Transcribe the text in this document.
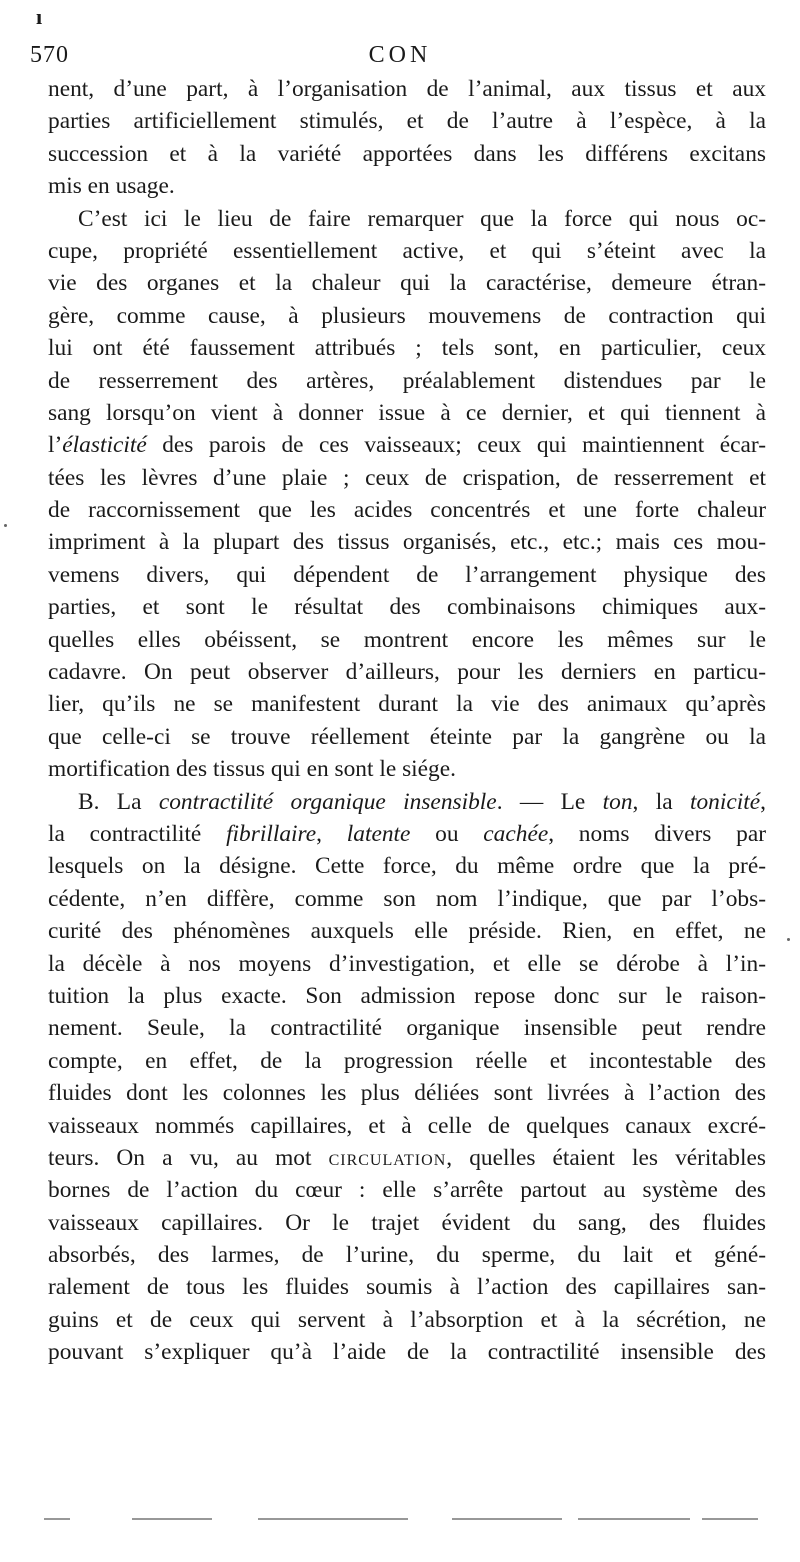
ı
570	CON
nent, d’une part, à l’organisation de l’animal, aux tissus et aux
parties artificiellement stimulés, et de l’autre à l’espèce, à la
succession et à la variété apportées dans les différens excitans
mis en usage.
C’est ici le lieu de faire remarquer que la force qui nous oc-
cupe, propriété essentiellement active, et qui s’éteint avec la
vie des organes et la chaleur qui la caractérise, demeure étran-
gère, comme cause, à plusieurs mouvemens de contraction qui
lui ont été faussement attribués ; tels sont, en particulier, ceux
de resserrement des artères, préalablement distendues par le
sang lorsqu’on vient à donner issue à ce dernier, et qui tiennent à
l’élasticité des parois de ces vaisseaux; ceux qui maintiennent écar-
tées les lèvres d’une plaie ; ceux de crispation, de resserrement et
de raccornissement que les acides concentrés et une forte chaleur
impriment à la plupart des tissus organisés, etc., etc.; mais ces mou-
vemens divers, qui dépendent de l’arrangement physique des
parties, et sont le résultat des combinaisons chimiques aux-
quelles elles obéissent, se montrent encore les mêmes sur le
cadavre. On peut observer d’ailleurs, pour les derniers en particu-
lier, qu’ils ne se manifestent durant la vie des animaux qu’après
que celle-ci se trouve réellement éteinte par la gangrène ou la
mortification des tissus qui en sont le siége.
B. La contractilité organique insensible. — Le ton, la tonicité,
la contractilité fibrillaire, latente ou cachée, noms divers par
lesquels on la désigne. Cette force, du même ordre que la pré-
cédente, n’en diffère, comme son nom l’indique, que par l’obs-
curité des phénomènes auxquels elle préside. Rien, en effet, ne
la décèle à nos moyens d’investigation, et elle se dérobe à l’in-
tuition la plus exacte. Son admission repose donc sur le raison-
nement. Seule, la contractilité organique insensible peut rendre
compte, en effet, de la progression réelle et incontestable des
fluides dont les colonnes les plus déliées sont livrées à l’action des
vaisseaux nommés capillaires, et à celle de quelques canaux excré-
teurs. On a vu, au mot circulation, quelles étaient les véritables
bornes de l’action du cœur : elle s’arrête partout au système des
vaisseaux capillaires. Or le trajet évident du sang, des fluides
absorbés, des larmes, de l’urine, du sperme, du lait et géné-
ralement de tous les fluides soumis à l’action des capillaires san-
guins et de ceux qui servent à l’absorption et à la sécrétion, ne
pouvant s’expliquer qu’à l’aide de la contractilité insensible des
